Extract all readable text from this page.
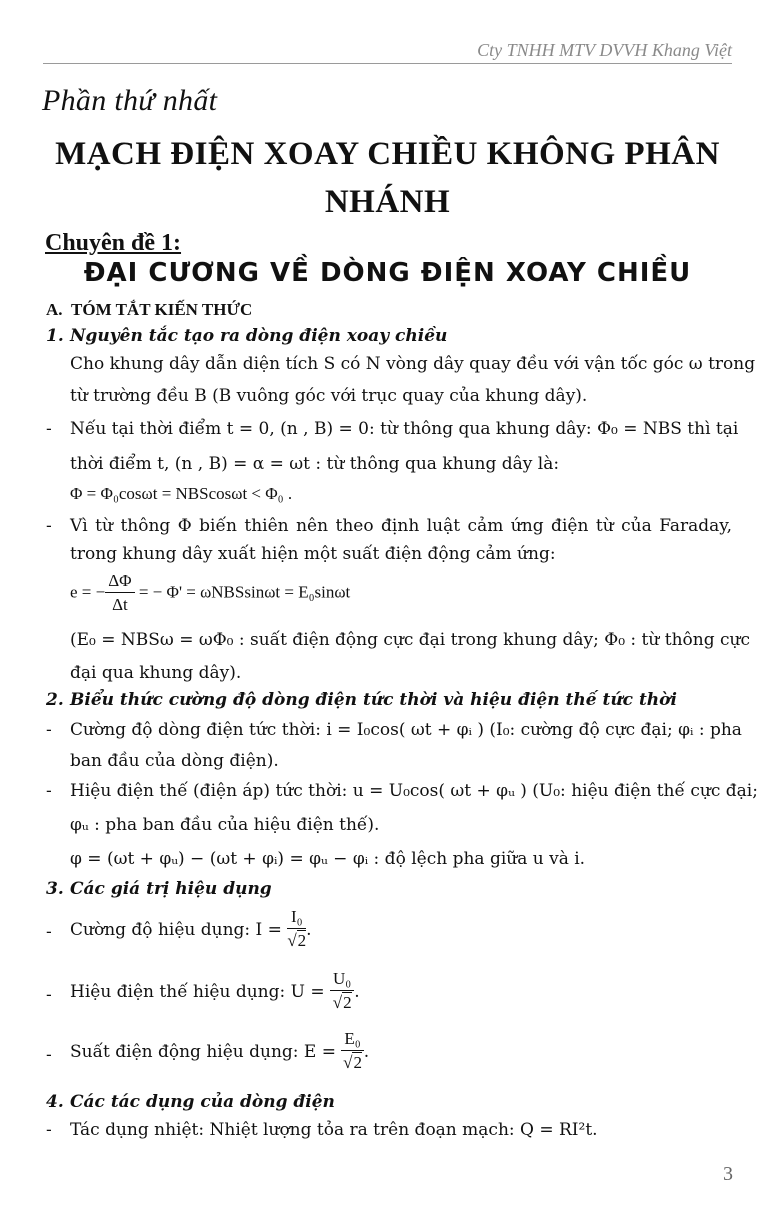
Cty TNHH MTV DVVH Khang Việt
Phần thứ nhất
MẠCH ĐIỆN XOAY CHIỀU KHÔNG PHÂN
NHÁNH
Chuyên đề 1:
ĐẠI CƯƠNG VỀ DÒNG ĐIỆN XOAY CHIỀU
A. TÓM TẮT KIẾN THỨC
1. Nguyên tắc tạo ra dòng điện xoay chiều
Cho khung dây dẫn diện tích S có N vòng dây quay đều với vận tốc góc ω trong
từ trường đều B (B vuông góc với trục quay của khung dây).
- Nếu tại thời điểm t = 0, (n , B) = 0: từ thông qua khung dây: Φ₀ = NBS thì tại
thời điểm t, (n , B) = α = ωt : từ thông qua khung dây là:
Φ = Φ₀cosωt = NBScosωt < Φ₀ .
- Vì từ thông Φ biến thiên nên theo định luật cảm ứng điện từ của Faraday,
trong khung dây xuất hiện một suất điện động cảm ứng:
e = − $\frac{\Delta\Phi}{\Delta t}$ = − Φ' = ωNBSsinωt = E₀sinωt
(E₀ = NBSω = ωΦ₀ : suất điện động cực đại trong khung dây; Φ₀ : từ thông cực
đại qua khung dây).
2. Biểu thức cường độ dòng điện tức thời và hiệu điện thế tức thời
- Cường độ dòng điện tức thời: i = I₀cos( ωt + φᵢ ) (I₀: cường độ cực đại; φᵢ : pha
ban đầu của dòng điện).
- Hiệu điện thế (điện áp) tức thời: u = U₀cos( ωt + φᵤ ) (U₀: hiệu điện thế cực đại;
φᵤ : pha ban đầu của hiệu điện thế).
φ = (ωt + φᵤ) − (ωt + φᵢ) = φᵤ − φᵢ : độ lệch pha giữa u và i.
3. Các giá trị hiệu dụng
- Cường độ hiệu dụng: I =
$\frac{\text{I₀}}{√2}$ .
- Hiệu điện thế hiệu dụng: U =
$\frac{\text{U₀}}{√2}$ .
- Suất điện động hiệu dụng: E =
$\frac{\text{E₀}}{√2}$ .
4. Các tác dụng của dòng điện
- Tác dụng nhiệt: Nhiệt lượng tỏa ra trên đoạn mạch: Q = RI²t.
3
